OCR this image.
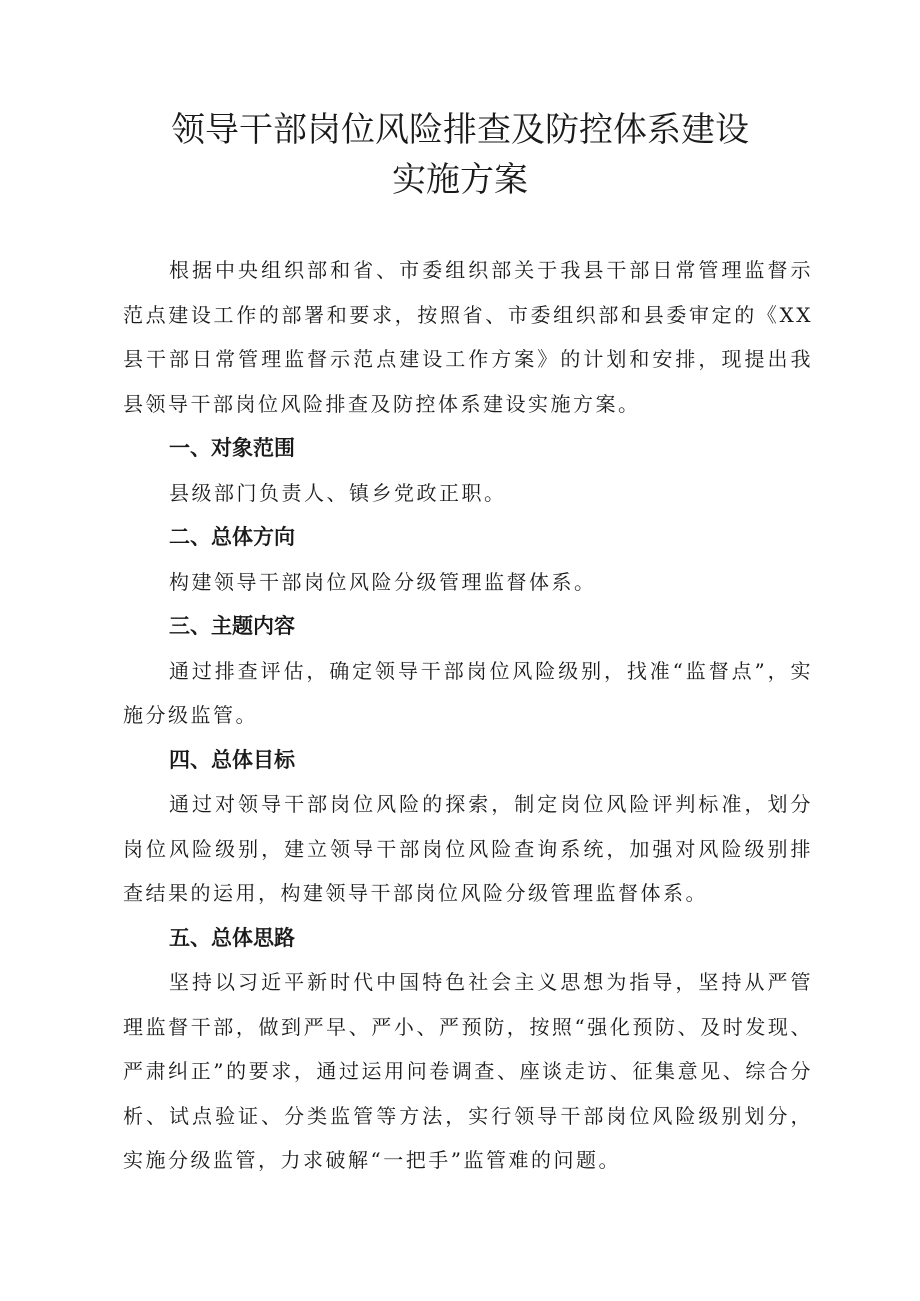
领导干部岗位风险排查及防控体系建设
实施方案

根据中央组织部和省、市委组织部关于我县干部日常管理监督示范点建设工作的部署和要求，按照省、市委组织部和县委审定的《XX县干部日常管理监督示范点建设工作方案》的计划和安排，现提出我县领导干部岗位风险排查及防控体系建设实施方案。

一、对象范围

县级部门负责人、镇乡党政正职。

二、总体方向

构建领导干部岗位风险分级管理监督体系。

三、主题内容

通过排查评估，确定领导干部岗位风险级别，找准“监督点”，实施分级监管。

四、总体目标

通过对领导干部岗位风险的探索，制定岗位风险评判标准，划分岗位风险级别，建立领导干部岗位风险查询系统，加强对风险级别排查结果的运用，构建领导干部岗位风险分级管理监督体系。

五、总体思路

坚持以习近平新时代中国特色社会主义思想为指导，坚持从严管理监督干部，做到严早、严小、严预防，按照“强化预防、及时发现、严肃纠正”的要求，通过运用问卷调查、座谈走访、征集意见、综合分析、试点验证、分类监管等方法，实行领导干部岗位风险级别划分，实施分级监管，力求破解“一把手”监管难的问题。
